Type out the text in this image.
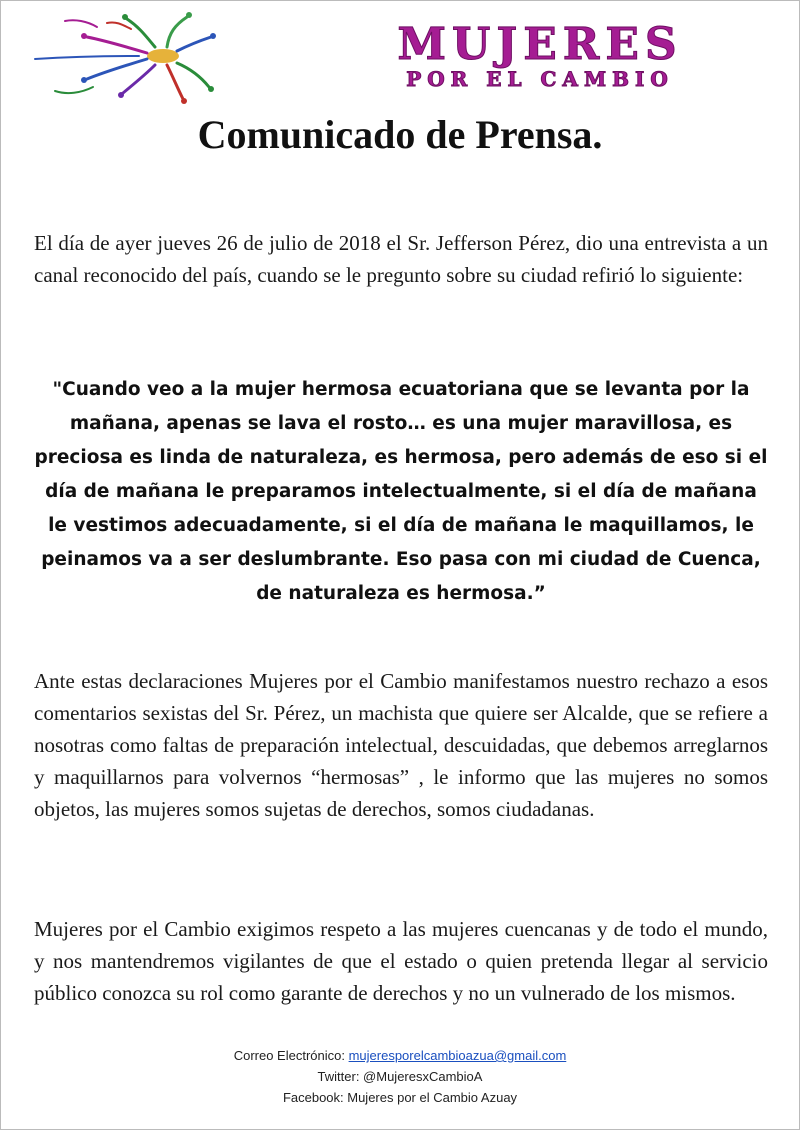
MUJERES
POR EL CAMBIO
Comunicado de Prensa.

El día de ayer jueves 26 de julio de 2018 el Sr. Jefferson Pérez, dio una entrevista a un canal reconocido del país, cuando se le pregunto sobre su ciudad refirió lo siguiente:

"Cuando veo a la mujer hermosa ecuatoriana que se levanta por la mañana, apenas se lava el rosto… es una mujer maravillosa, es preciosa es linda de naturaleza, es hermosa, pero además de eso si el día de mañana le preparamos intelectualmente, si el día de mañana le vestimos adecuadamente, si el día de mañana le maquillamos, le peinamos va a ser deslumbrante. Eso pasa con mi ciudad de Cuenca, de naturaleza es hermosa.”

Ante estas declaraciones Mujeres por el Cambio manifestamos nuestro rechazo a esos comentarios sexistas del Sr. Pérez, un machista que quiere ser Alcalde, que se refiere a nosotras como faltas de preparación intelectual, descuidadas, que debemos arreglarnos y maquillarnos para volvernos “hermosas” , le informo que las mujeres no somos objetos, las mujeres somos sujetas de derechos, somos ciudadanas.

Mujeres por el Cambio exigimos respeto a las mujeres cuencanas y de todo el mundo, y nos mantendremos vigilantes de que el estado o quien pretenda llegar al servicio público conozca su rol como garante de derechos y no un vulnerado de los mismos.

Correo Electrónico: mujeresporelcambioazua@gmail.com
Twitter: @MujeresxCambioA
Facebook: Mujeres por el Cambio Azuay
